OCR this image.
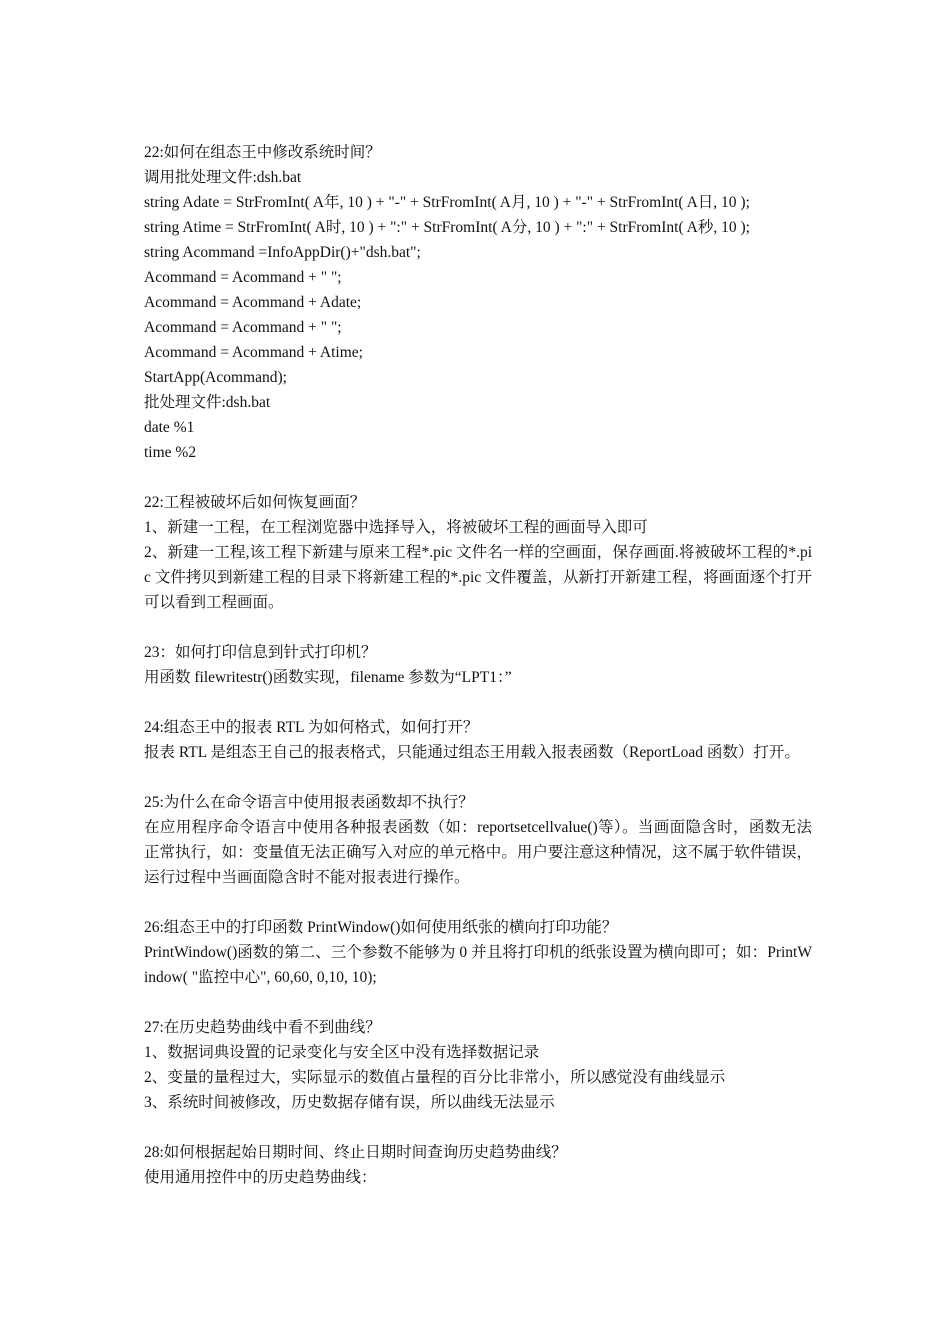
22:如何在组态王中修改系统时间？
调用批处理文件:dsh.bat
string Adate = StrFromInt( A年, 10 ) + "-" + StrFromInt( A月, 10 ) + "-" + StrFromInt( A日, 10 );
string Atime = StrFromInt( A时, 10 ) + ":" + StrFromInt( A分, 10 ) + ":" + StrFromInt( A秒, 10 );
string Acommand =InfoAppDir()+"dsh.bat";
Acommand = Acommand + " ";
Acommand = Acommand + Adate;
Acommand = Acommand + " ";
Acommand = Acommand + Atime;
StartApp(Acommand);
批处理文件:dsh.bat
date %1
time %2
22:工程被破坏后如何恢复画面？
1、新建一工程，在工程浏览器中选择导入，将被破坏工程的画面导入即可
2、新建一工程,该工程下新建与原来工程*.pic 文件名一样的空画面，保存画面.将被破坏工程的*.pic 文件拷贝到新建工程的目录下将新建工程的*.pic 文件覆盖，从新打开新建工程，将画面逐个打开可以看到工程画面。
23：如何打印信息到针式打印机？
用函数 filewritestr()函数实现，filename 参数为“LPT1：”
24:组态王中的报表 RTL 为如何格式，如何打开？
报表 RTL 是组态王自己的报表格式，只能通过组态王用载入报表函数（ReportLoad 函数）打开。
25:为什么在命令语言中使用报表函数却不执行？
在应用程序命令语言中使用各种报表函数（如：reportsetcellvalue()等）。当画面隐含时，函数无法正常执行，如：变量值无法正确写入对应的单元格中。用户要注意这种情况，这不属于软件错误，运行过程中当画面隐含时不能对报表进行操作。
26:组态王中的打印函数 PrintWindow()如何使用纸张的横向打印功能？
PrintWindow()函数的第二、三个参数不能够为 0 并且将打印机的纸张设置为横向即可；如：PrintWindow( "监控中心", 60,60, 0,10, 10);
27:在历史趋势曲线中看不到曲线？
1、数据词典设置的记录变化与安全区中没有选择数据记录
2、变量的量程过大，实际显示的数值占量程的百分比非常小，所以感觉没有曲线显示
3、系统时间被修改，历史数据存储有误，所以曲线无法显示
28:如何根据起始日期时间、终止日期时间查询历史趋势曲线？
使用通用控件中的历史趋势曲线：
